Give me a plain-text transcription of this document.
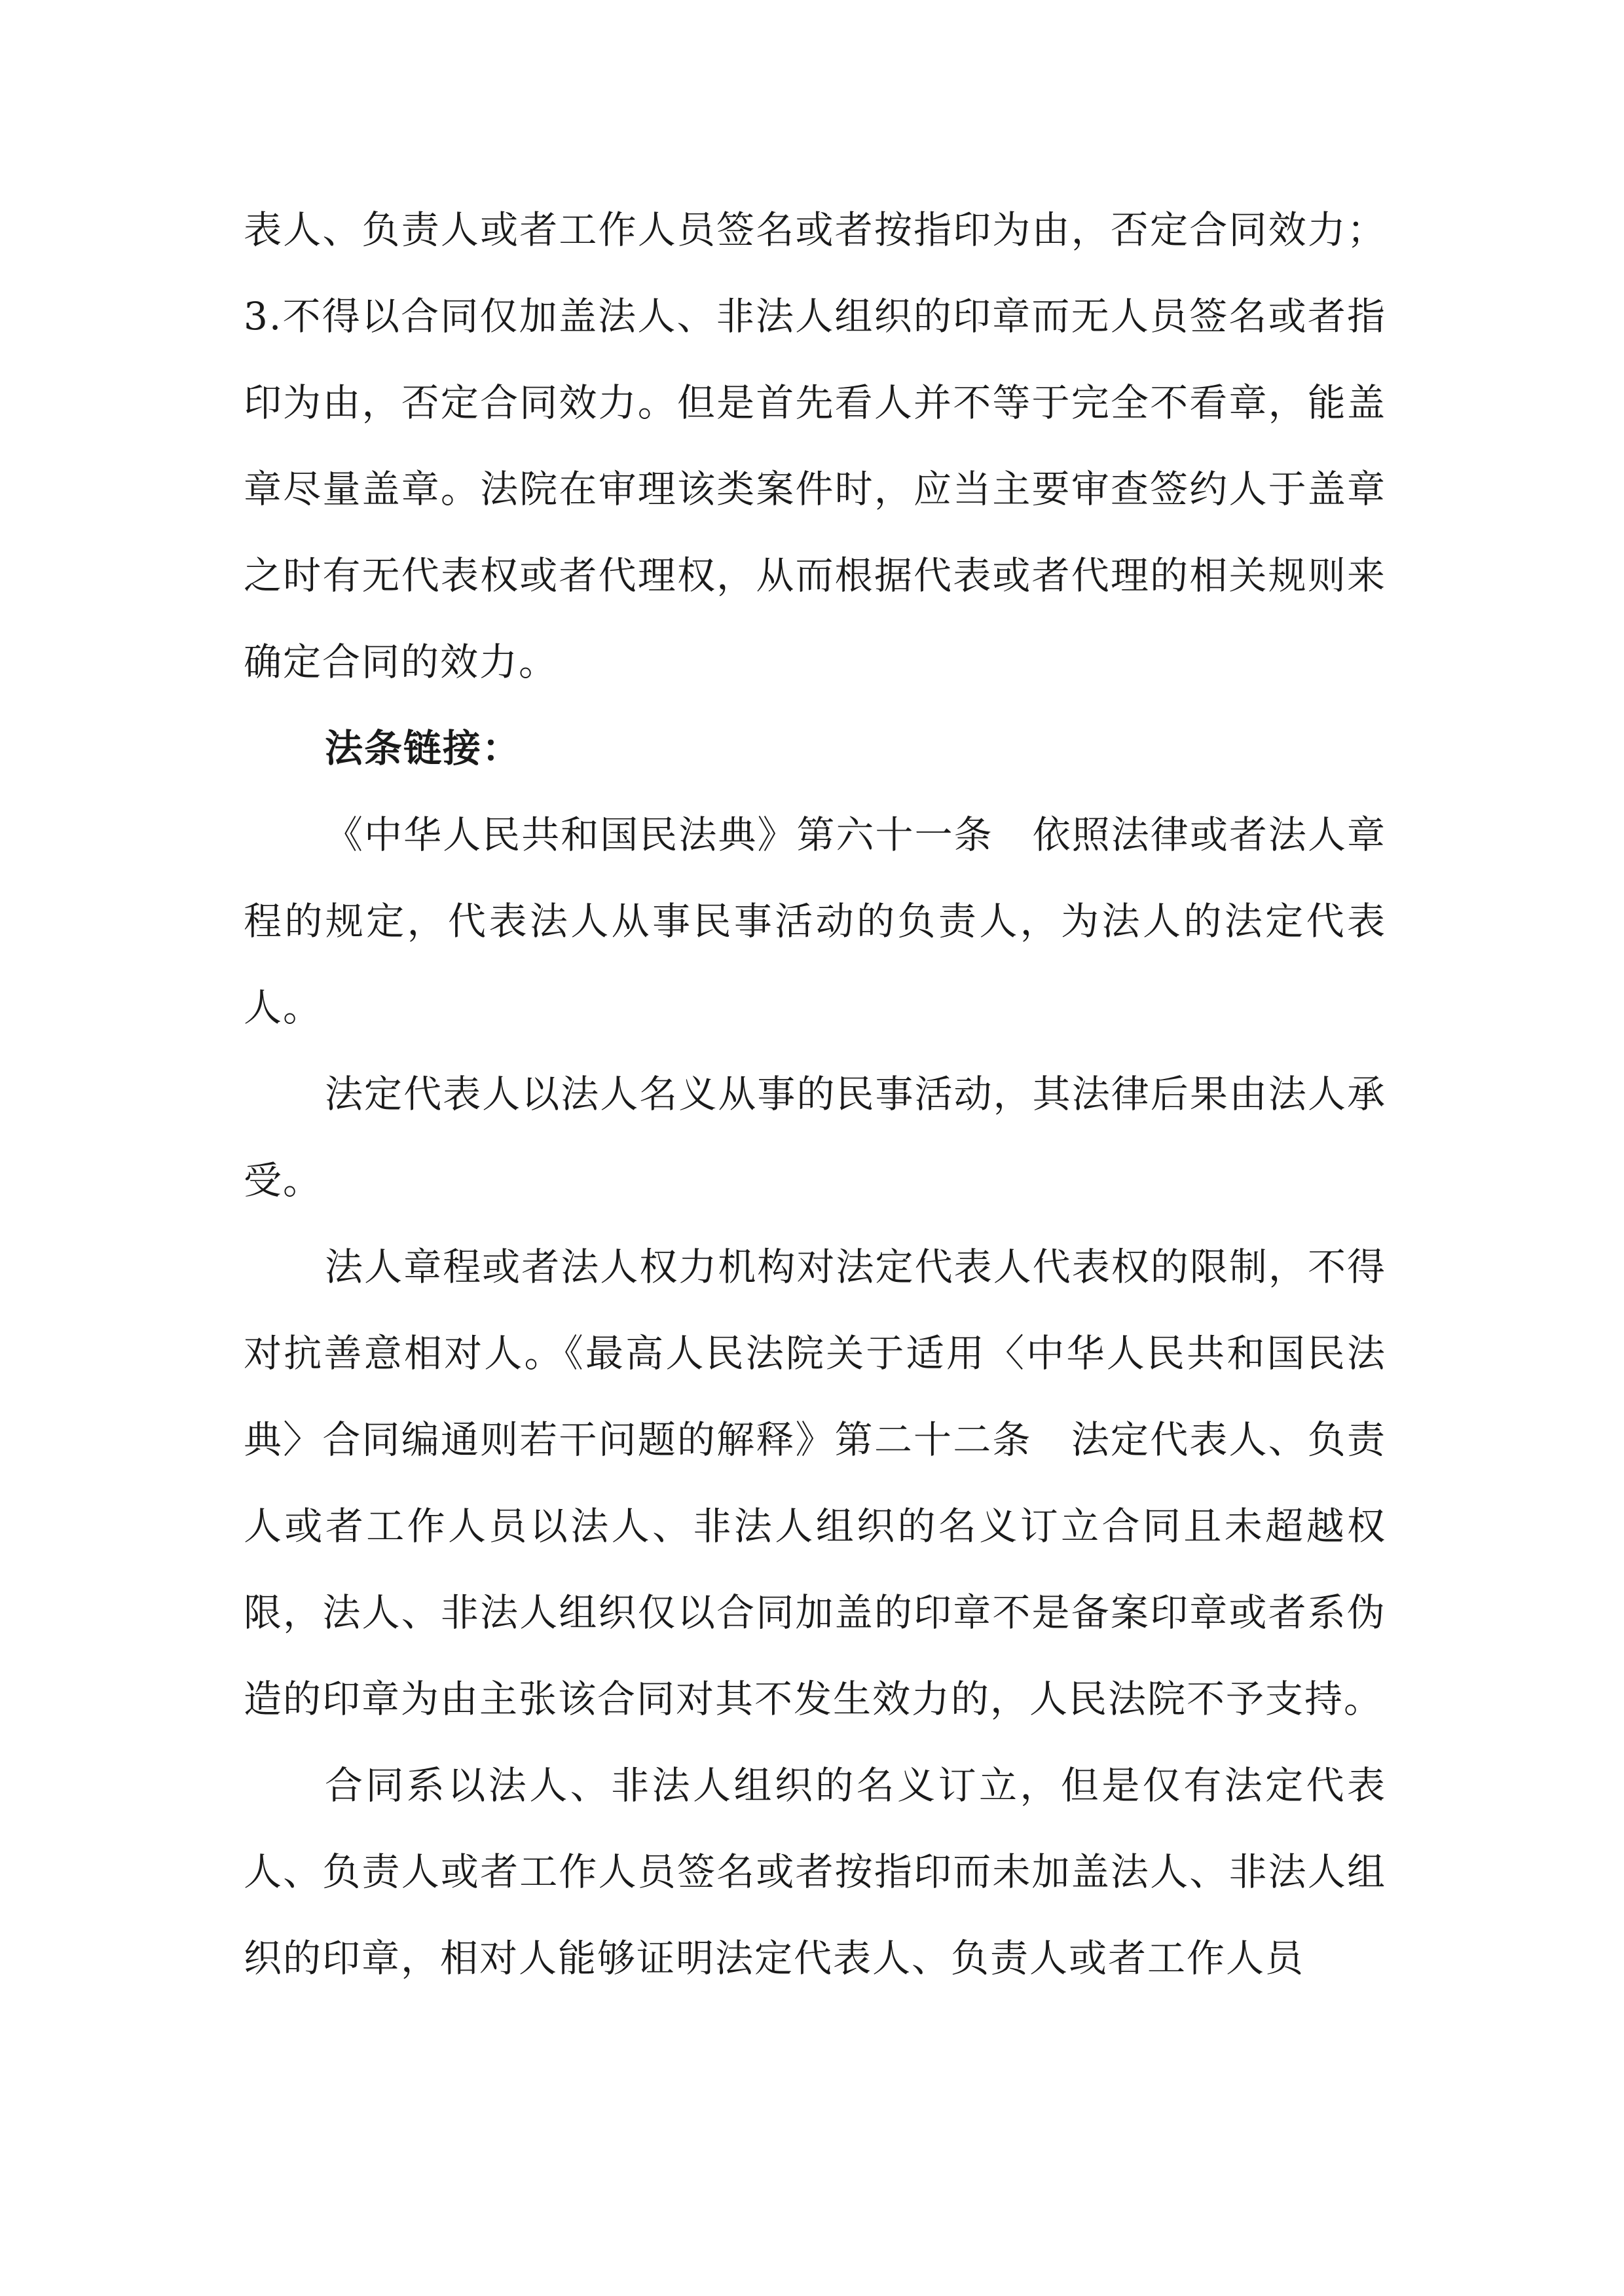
表人、负责人或者工作人员签名或者按指印为由，否定合同效力；3.不得以合同仅加盖法人、非法人组织的印章而无人员签名或者指印为由，否定合同效力。但是首先看人并不等于完全不看章，能盖章尽量盖章。法院在审理该类案件时，应当主要审查签约人于盖章之时有无代表权或者代理权，从而根据代表或者代理的相关规则来确定合同的效力。

法条链接：

《中华人民共和国民法典》第六十一条　依照法律或者法人章程的规定，代表法人从事民事活动的负责人，为法人的法定代表人。

法定代表人以法人名义从事的民事活动，其法律后果由法人承受。

法人章程或者法人权力机构对法定代表人代表权的限制，不得对抗善意相对人。《最高人民法院关于适用〈中华人民共和国民法典〉合同编通则若干问题的解释》第二十二条　法定代表人、负责人或者工作人员以法人、非法人组织的名义订立合同且未超越权限，法人、非法人组织仅以合同加盖的印章不是备案印章或者系伪造的印章为由主张该合同对其不发生效力的，人民法院不予支持。

合同系以法人、非法人组织的名义订立，但是仅有法定代表人、负责人或者工作人员签名或者按指印而未加盖法人、非法人组织的印章，相对人能够证明法定代表人、负责人或者工作人员
